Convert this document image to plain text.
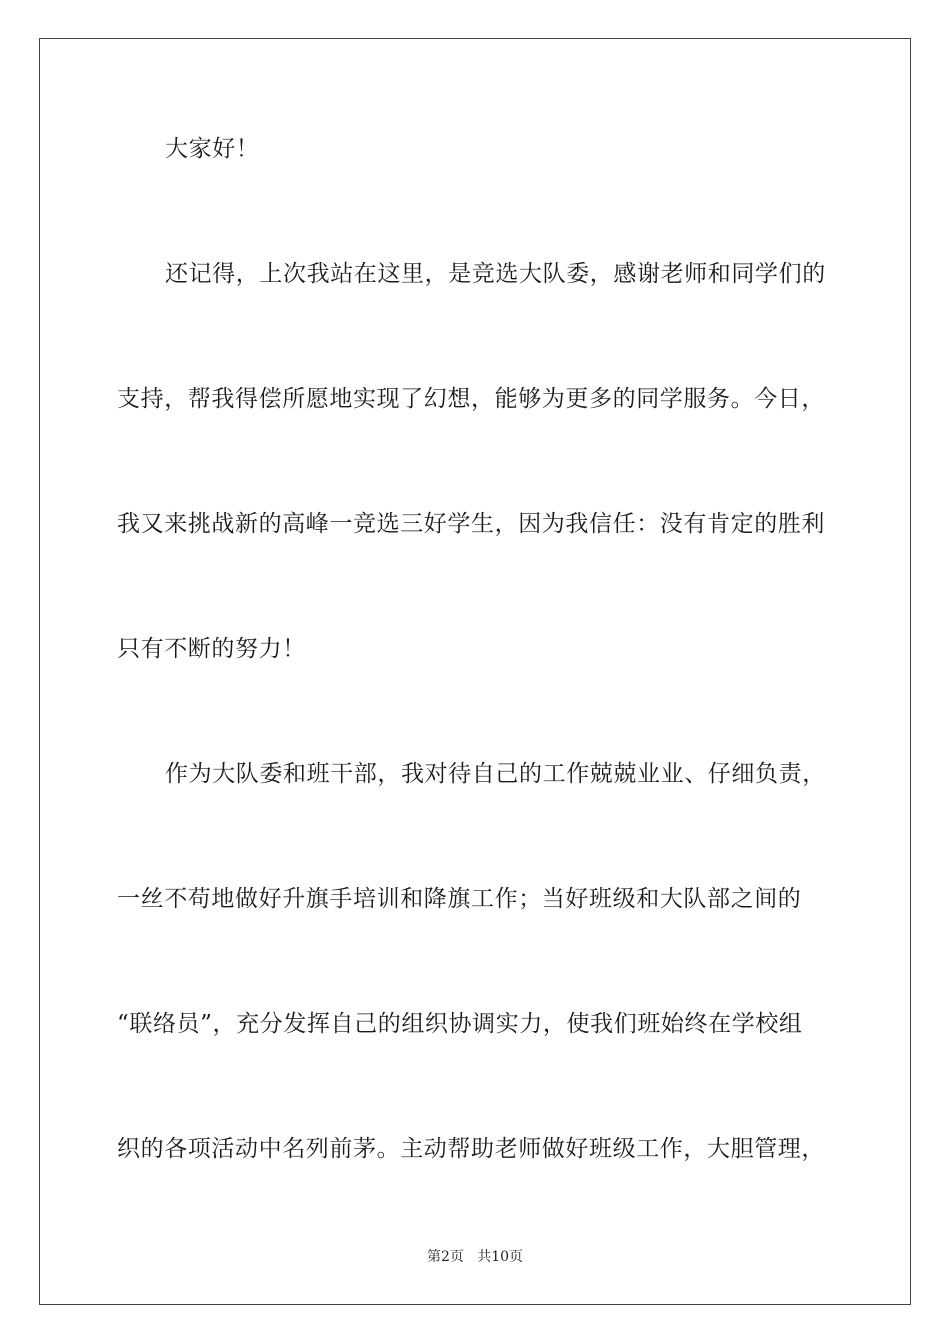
大家好！
还记得，上次我站在这里，是竞选大队委，感谢老师和同学们的
支持，帮我得偿所愿地实现了幻想，能够为更多的同学服务。今日，
我又来挑战新的高峰一竞选三好学生，因为我信任：没有肯定的胜利
只有不断的努力！
作为大队委和班干部，我对待自己的工作兢兢业业、仔细负责，
一丝不苟地做好升旗手培训和降旗工作；当好班级和大队部之间的
“联络员”，充分发挥自己的组织协调实力，使我们班始终在学校组
织的各项活动中名列前茅。主动帮助老师做好班级工作，大胆管理，
第2页   共10页
